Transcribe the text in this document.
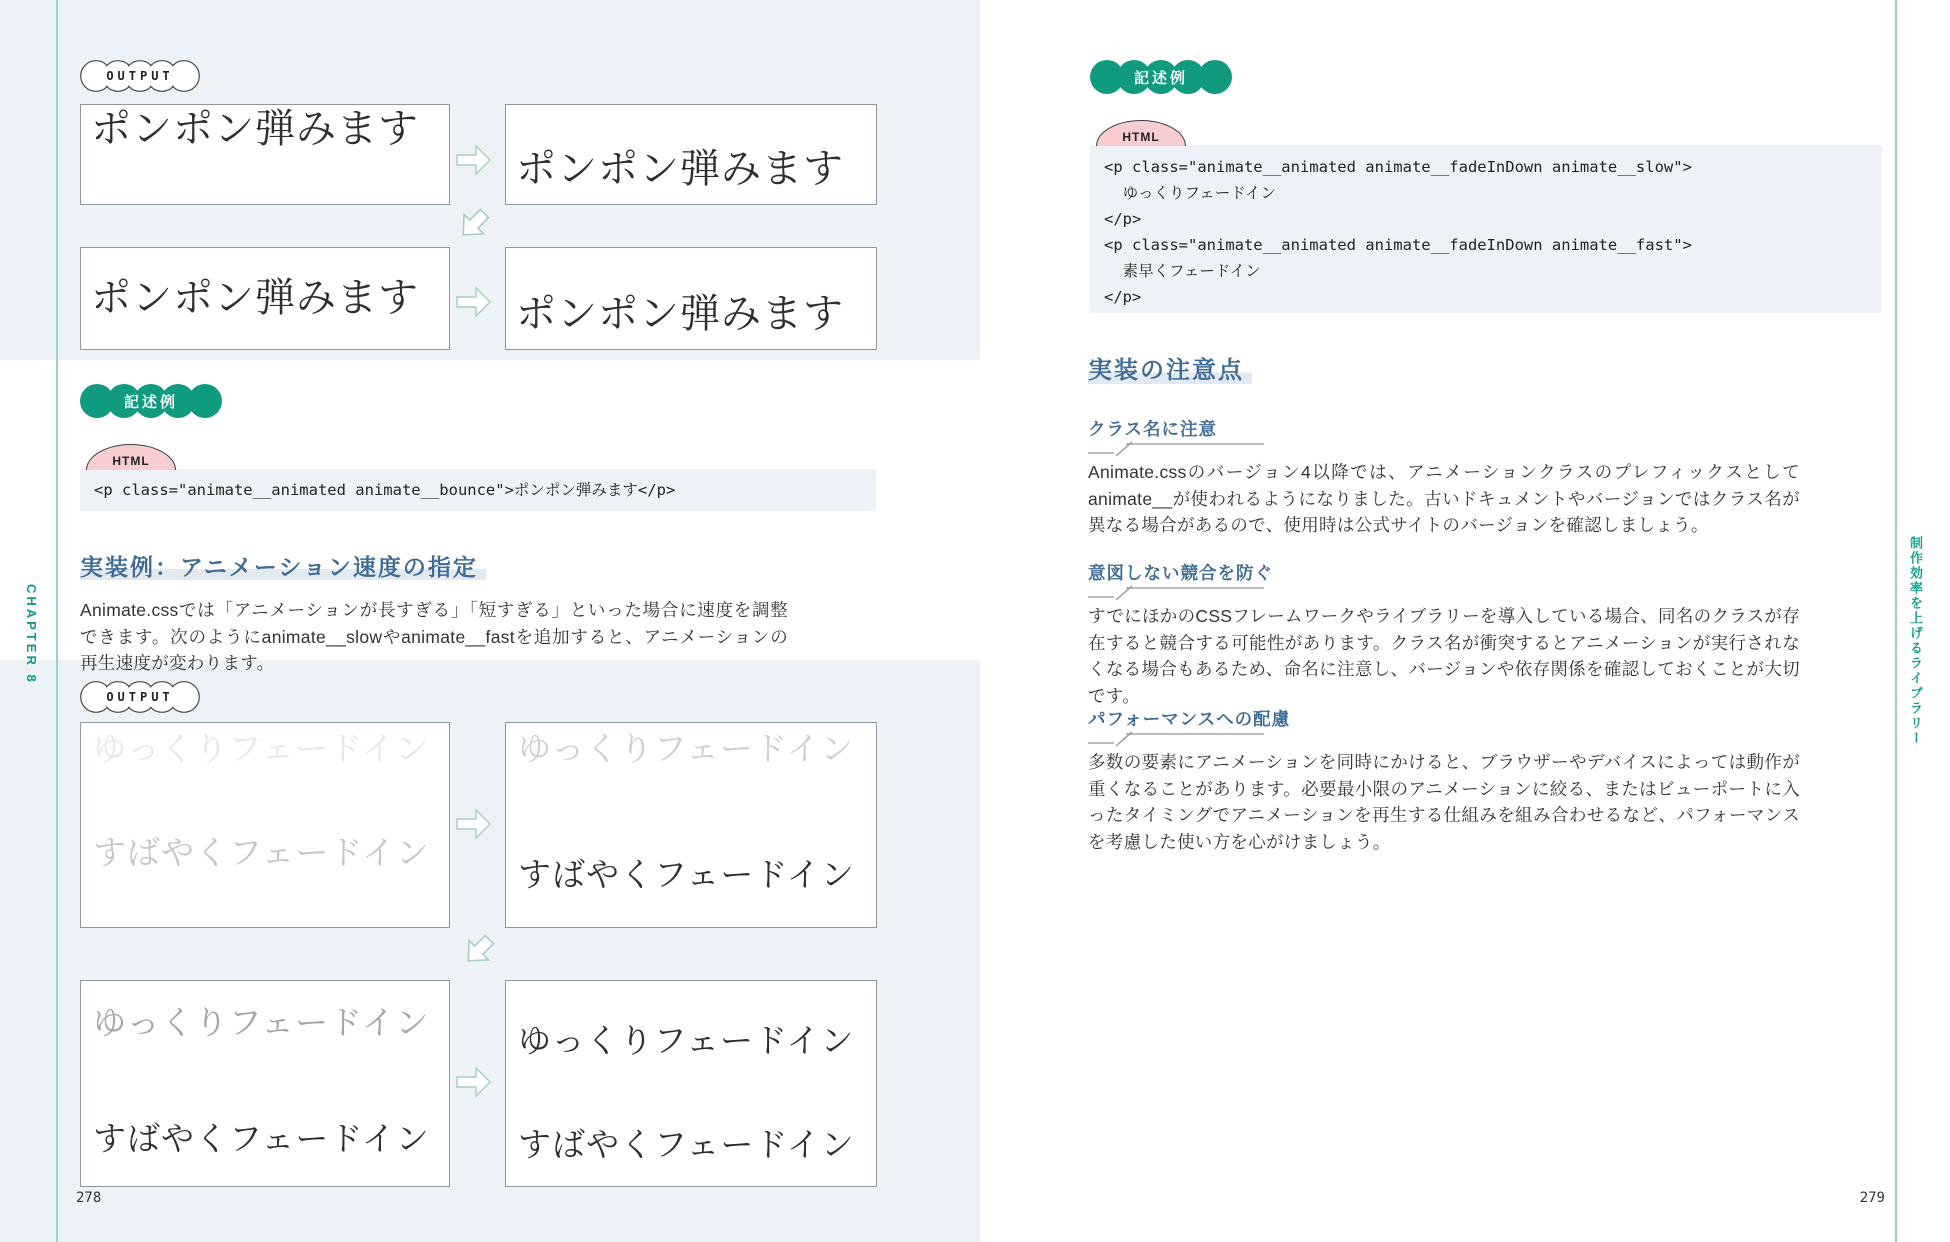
CHAPTER 8	制作効率を上げるライブラリー
OUTPUT
ポンポン弾みます
ポンポン弾みます
ポンポン弾みます ポンポン弾みます
記述例
HTML
<p class="animate__animated animate__bounce">ポンポン弾みます</p>
実装例：アニメーション速度の指定
Animate.cssでは「アニメーションが長すぎる」「短すぎる」といった場合に速度を調整できます。次のようにanimate__slowやanimate__fastを追加すると、アニメーションの再生速度が変わります。
OUTPUT
ゆっくりフェードイン
すばやくフェードイン
ゆっくりフェードイン
すばやくフェードイン
ゆっくりフェードイン
すばやくフェードイン
ゆっくりフェードイン
すばやくフェードイン
278
記述例
HTML
<p class="animate__animated animate__fadeInDown animate__slow">
ゆっくりフェードイン
</p>
<p class="animate__animated animate__fadeInDown animate__fast">
素早くフェードイン
</p>
実装の注意点
クラス名に注意
Animate.cssのバージョン4以降では、アニメーションクラスのプレフィックスとしてanimate__が使われるようになりました。古いドキュメントやバージョンではクラス名が異なる場合があるので、使用時は公式サイトのバージョンを確認しましょう。
意図しない競合を防ぐ
すでにほかのCSSフレームワークやライブラリーを導入している場合、同名のクラスが存在すると競合する可能性があります。クラス名が衝突するとアニメーションが実行されなくなる場合もあるため、命名に注意し、バージョンや依存関係を確認しておくことが大切です。
パフォーマンスへの配慮
多数の要素にアニメーションを同時にかけると、ブラウザーやデバイスによっては動作が重くなることがあります。必要最小限のアニメーションに絞る、またはビューポートに入ったタイミングでアニメーションを再生する仕組みを組み合わせるなど、パフォーマンスを考慮した使い方を心がけましょう。
279
